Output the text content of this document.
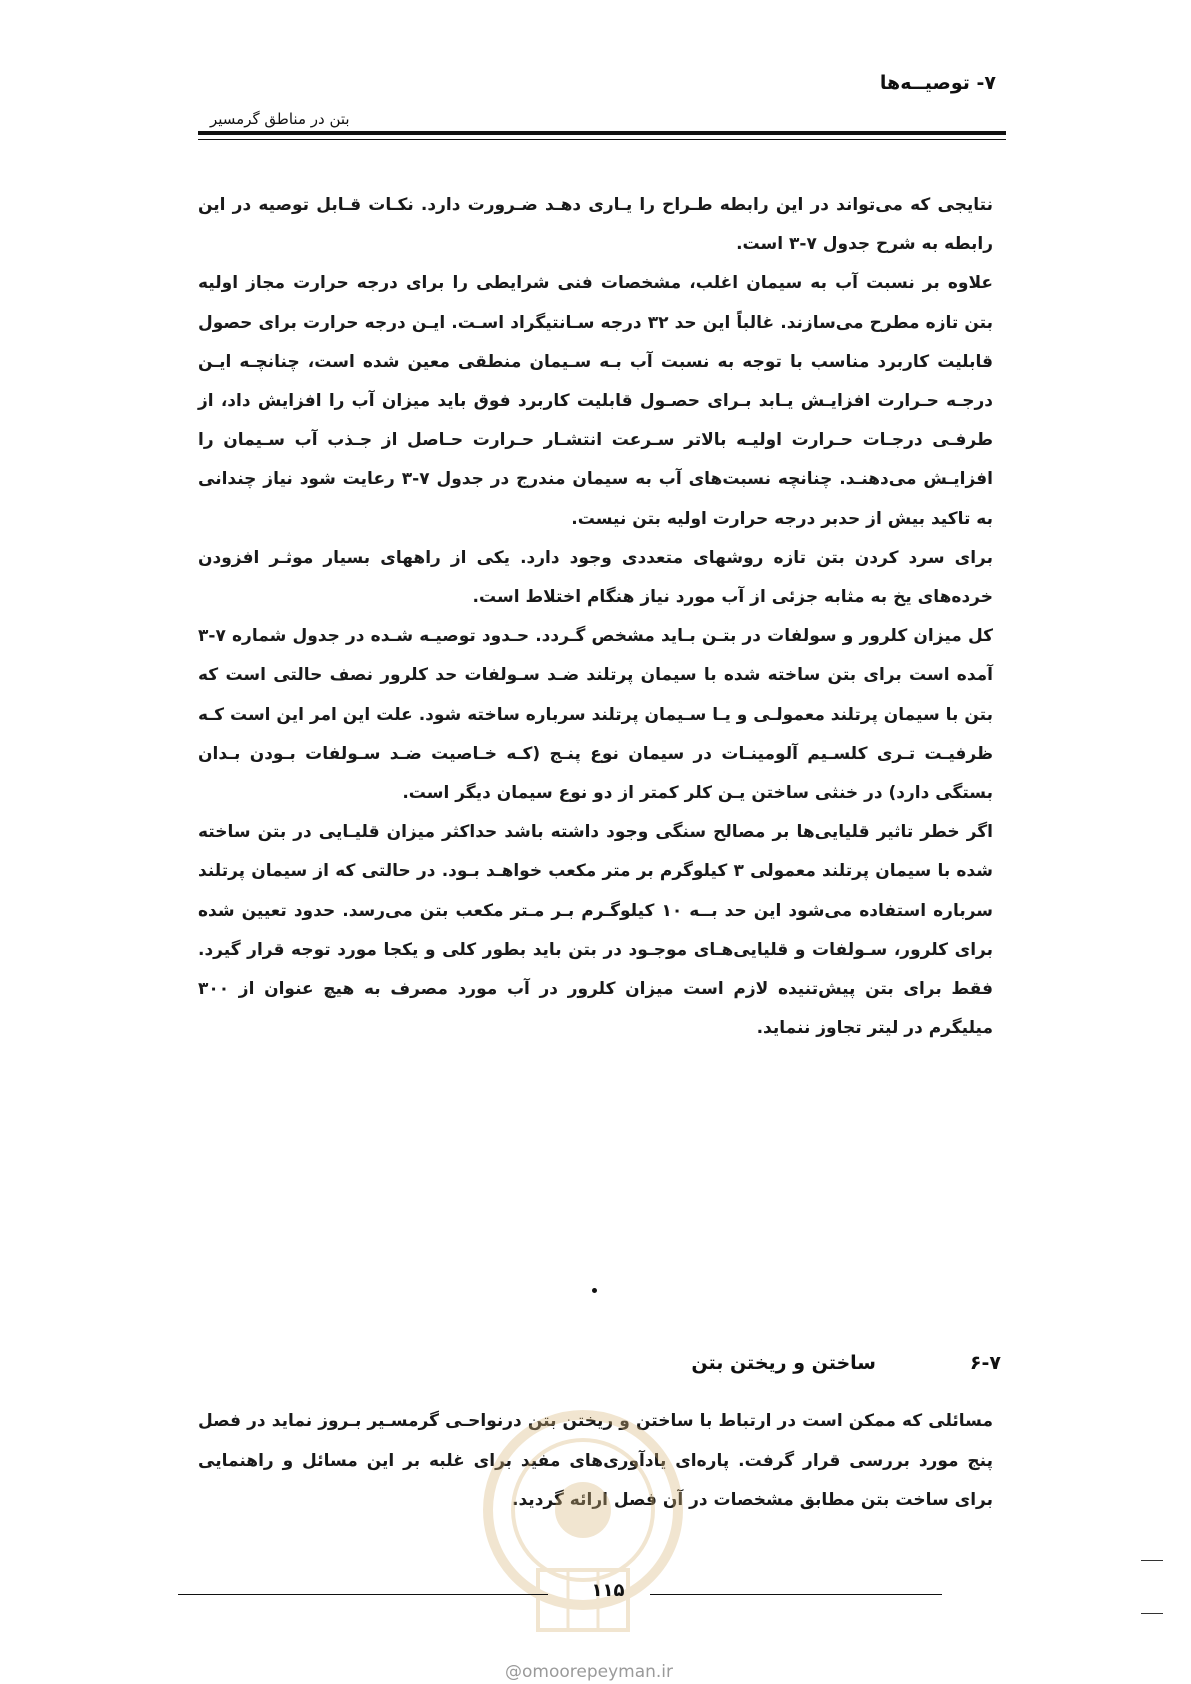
۷- توصیــه‌ها
بتن در مناطق گرمسیر

نتایجی که می‌تواند در این رابطه طـراح را یـاری دهـد ضـرورت دارد. نکـات قـابل توصیه در این رابطه به شرح جدول ۷-۳ است.

علاوه بر نسبت آب به سیمان اغلب، مشخصات فنی شرایطی را برای درجه حرارت مجاز اولیه بتن تازه مطرح می‌سازند. غالباً این حد ۳۲ درجه سـانتیگراد اسـت. ایـن درجه حرارت برای حصول قابلیت کاربرد مناسب با توجه به نسبت آب بـه سـیمان منطقی معین شده است، چنانچـه ایـن درجـه حـرارت افزایـش یـابد بـرای حصـول قابلیت کاربرد فوق باید میزان آب را افزایش داد، از طرفـی درجـات حـرارت اولیـه بالاتر سـرعت انتشـار حـرارت حـاصل از جـذب آب سـیمان را افزایـش می‌دهنـد. چنانچه نسبت‌های آب به سیمان مندرج در جدول ۷-۳ رعایت شود نیاز چندانی به تاکید بیش از حدبر درجه حرارت اولیه بتن نیست.

برای سرد کردن بتن تازه روشهای متعددی وجود دارد. یکی از راههای بسیار موثـر افزودن خرده‌های یخ به مثابه جزئی از آب مورد نیاز هنگام اختلاط است.

کل میزان کلرور و سولفات در بتـن بـاید مشخص گـردد. حـدود توصیـه شـده در جدول شماره ۷-۳ آمده است برای بتن ساخته شده با سیمان پرتلند ضـد سـولفات حد کلرور نصف حالتی است که بتن با سیمان پرتلند معمولـی و یـا سـیمان پرتلند سرباره ساخته شود. علت این امر این است کـه ظرفیـت تـری کلسـیم آلومینـات در سیمان نوع پنـج (کـه خـاصیت ضـد سـولفات بـودن بـدان بستگی دارد) در خنثی ساختن یـن کلر کمتر از دو نوع سیمان دیگر است.

اگر خطر تاثیر قلیایی‌ها بر مصالح سنگی وجود داشته باشد حداکثر میزان قلیـایی در بتن ساخته شده با سیمان پرتلند معمولی ۳ کیلوگرم بر متر مکعب خواهـد بـود. در حالتی که از سیمان پرتلند سرباره استفاده می‌شود این حد بــه ۱۰ کیلوگـرم بـر مـتر مکعب بتن می‌رسد. حدود تعیین شده برای کلرور، سـولفات و قلیایی‌هـای موجـود در بتن باید بطور کلی و یکجا مورد توجه قرار گیرد. فقط برای بتن پیش‌تنیده لازم است میزان کلرور در آب مورد مصرف به هیچ عنوان از ۳۰۰ میلیگرم در لیتر تجاوز ننماید.

۶-۷
ساختن و ریختن بتن

مسائلی که ممکن است در ارتباط با ساختن و ریختن بتن درنواحـی گرمسـیر بـروز نماید در فصل پنج مورد بررسی قرار گرفت. پاره‌ای یادآوری‌های مفید برای غلبه بر این مسائل و راهنمایی برای ساخت بتن مطابق مشخصات در آن فصل ارائه گردید.

۱۱۵
@omoorepeyman.ir
